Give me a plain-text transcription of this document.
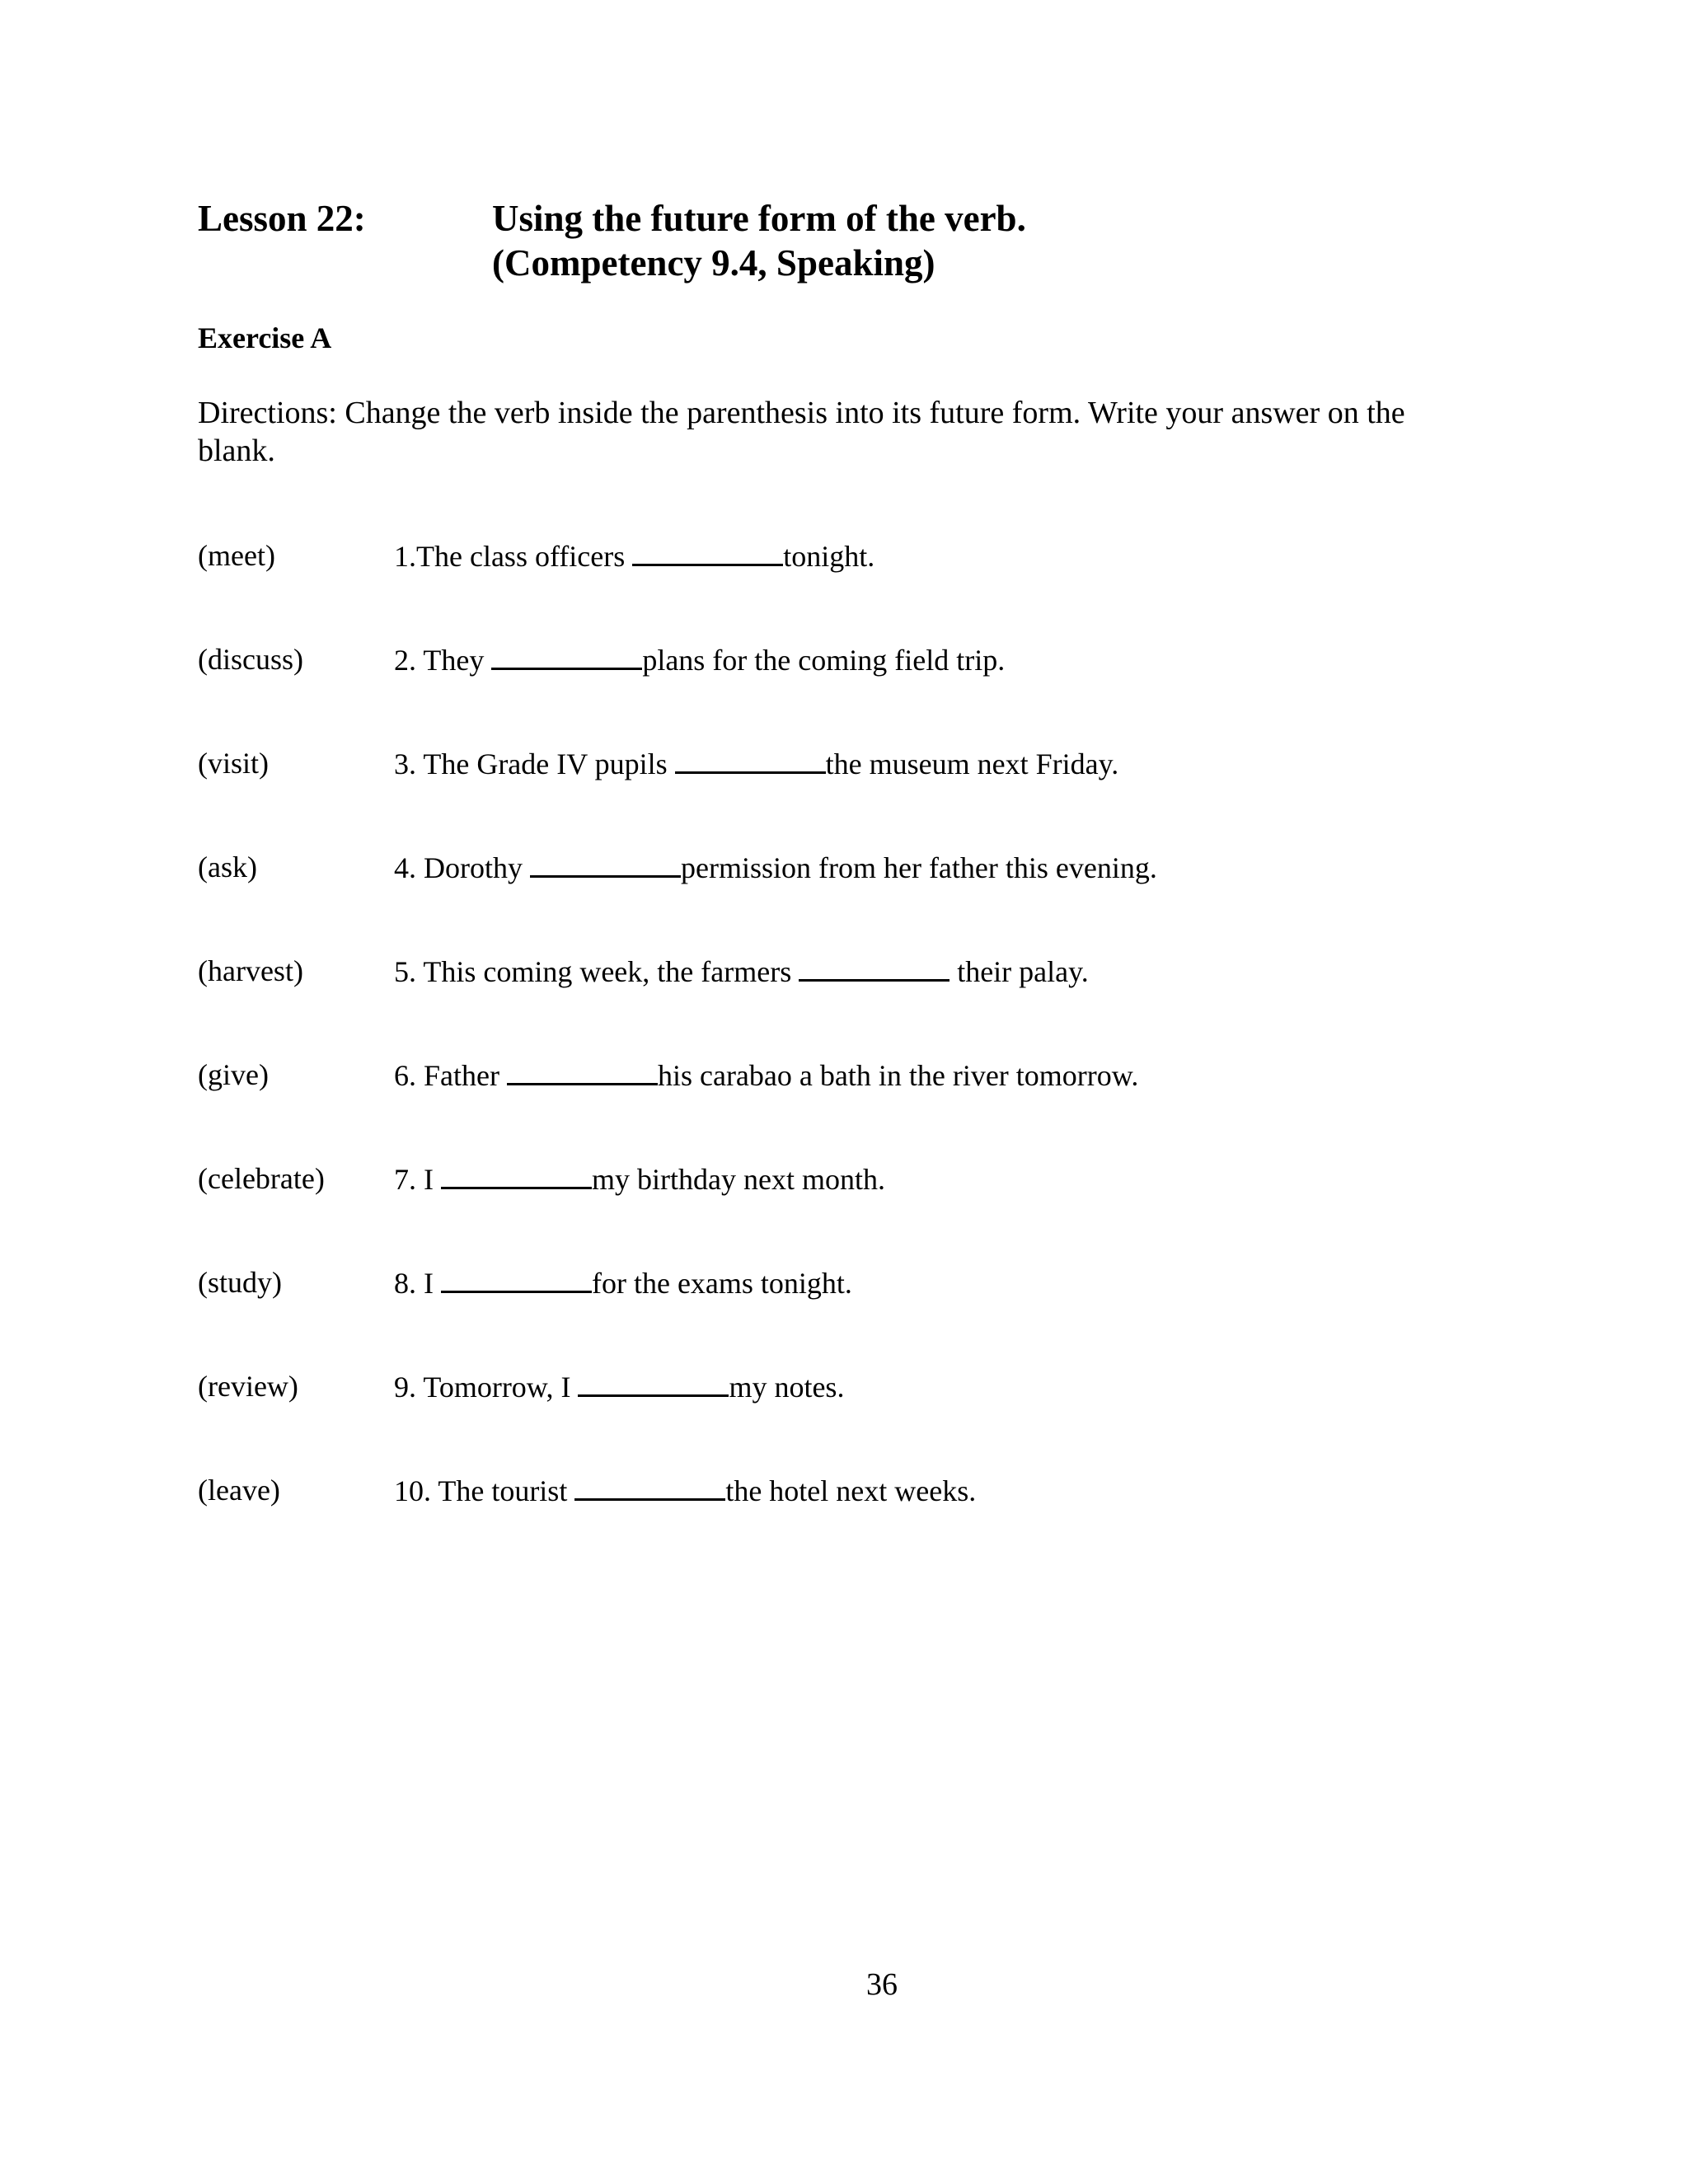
Lesson 22:	Using the future form of the verb.
(Competency 9.4, Speaking)
Exercise A
Directions: Change the verb inside the parenthesis into its future form. Write your answer on the blank.
(meet)	1.The class officers	tonight.
(discuss)	2. They	plans for the coming field trip.
(visit)	3. The Grade IV pupils	the museum next Friday.
(ask)	4. Dorothy	permission from her father this evening.
(harvest)	5. This coming week, the farmers	their palay.
(give)	6. Father	his carabao a bath in the river tomorrow.
(celebrate) 7. I	my birthday next month.
(study)	8. I	for the exams tonight.
(review)	9. Tomorrow, I	my notes.
(leave)	10. The tourist	the hotel next weeks.
36
